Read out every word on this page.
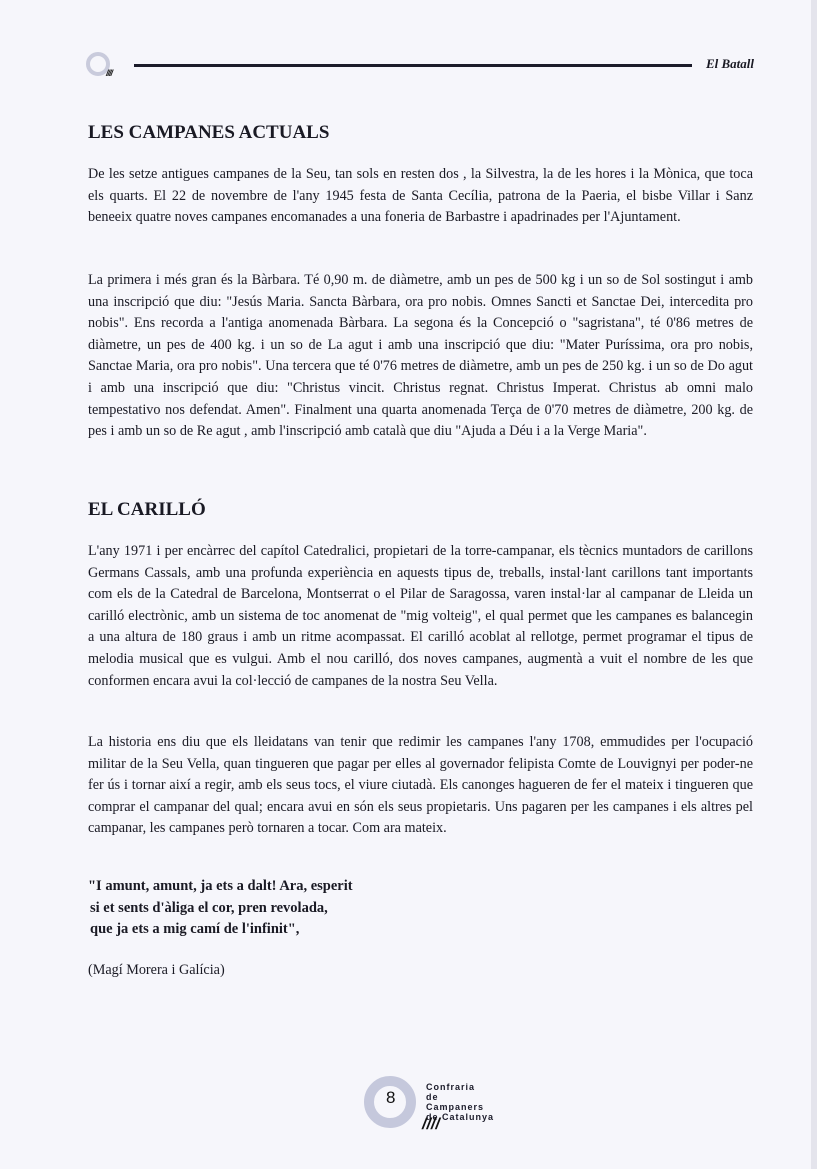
////
El Batall
LES CAMPANES ACTUALS

De les setze antigues campanes de la Seu, tan sols en resten dos , la Silvestra, la de les hores i la Mònica, que toca els quarts. El 22 de novembre de l'any 1945 festa de Santa Cecília, patrona de la Paeria, el bisbe Villar i Sanz beneeix quatre noves campanes encomanades a una foneria de Barbastre i apadrinades per l'Ajuntament.

La primera i més gran és la Bàrbara. Té 0,90 m. de diàmetre, amb un pes de 500 kg i un so de Sol sostingut i amb una inscripció que diu: "Jesús Maria. Sancta Bàrbara, ora pro nobis. Omnes Sancti et Sanctae Dei, intercedita pro nobis". Ens recorda a l'antiga anomenada Bàrbara. La segona és la Concepció o "sagristana", té 0'86 metres de diàmetre, un pes de 400 kg. i un so de La agut i amb una inscripció que diu: "Mater Puríssima, ora pro nobis, Sanctae Maria, ora pro nobis". Una tercera que té 0'76 metres de diàmetre, amb un pes de 250 kg. i un so de Do agut i amb una inscripció que diu: "Christus vincit. Christus regnat. Christus Imperat. Christus ab omni malo tempestativo nos defendat. Amen". Finalment una quarta anomenada Terça de 0'70 metres de diàmetre, 200 kg. de pes i amb un so de Re agut , amb l'inscripció amb català que diu "Ajuda a Déu i a la Verge Maria".

EL CARILLÓ

L'any 1971 i per encàrrec del capítol Catedralici, propietari de la torre-campanar, els tècnics muntadors de carillons Germans Cassals, amb una profunda experiència en aquests tipus de, treballs, instal·lant carillons tant importants com els de la Catedral de Barcelona, Montserrat o el Pilar de Saragossa, varen instal·lar al campanar de Lleida un carilló electrònic, amb un sistema de toc anomenat de "mig volteig", el qual permet que les campanes es balancegin a una altura de 180 graus i amb un ritme acompassat. El carilló acoblat al rellotge, permet programar el tipus de melodia musical que es vulgui. Amb el nou carilló, dos noves campanes, augmentà a vuit el nombre de les que conformen encara avui la col·lecció de campanes de la nostra Seu Vella.

La historia ens diu que els lleidatans van tenir que redimir les campanes l'any 1708, emmudides per l'ocupació militar de la Seu Vella, quan tingueren que pagar per elles al governador felipista Comte de Louvignyi per poder-ne fer ús i tornar així a regir, amb els seus tocs, el viure ciutadà. Els canonges hagueren de fer el mateix i tingueren que comprar el campanar del qual; encara avui en són els seus propietaris. Uns pagaren per les campanes i els altres pel campanar, les campanes però tornaren a tocar. Com ara mateix.

"I amunt, amunt, ja ets a dalt! Ara, esperit
si et sents d'àliga el cor, pren revolada,
que ja ets a mig camí de l'infinit",

(Magí Morera i Galícia)

8
Confraria
de Campaners
de Catalunya
////
